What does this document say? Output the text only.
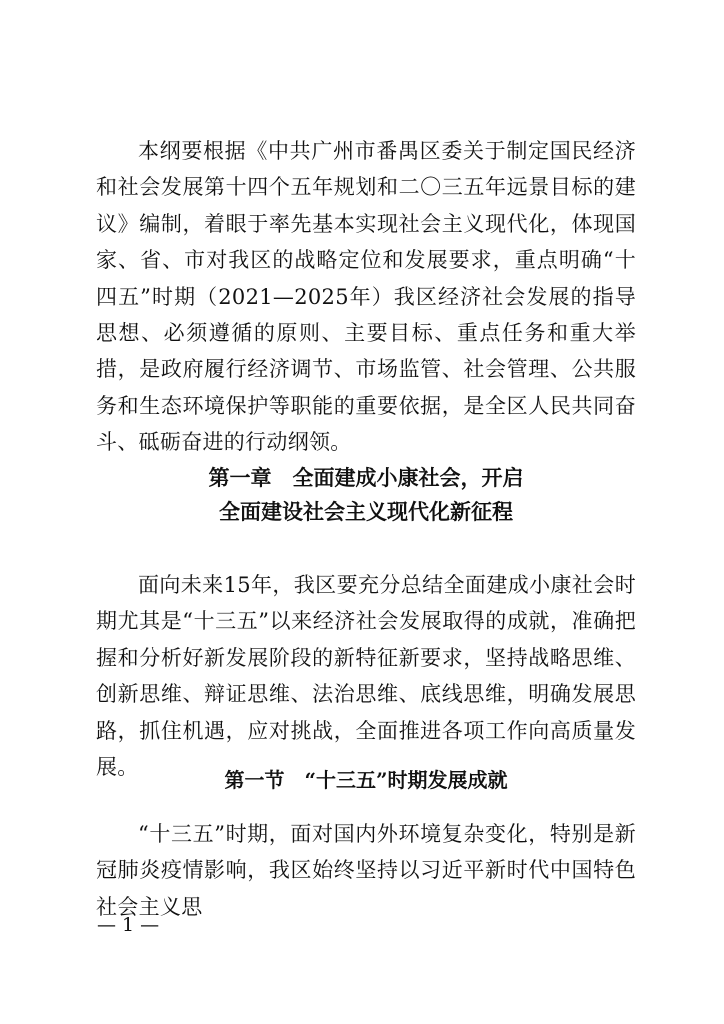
本纲要根据《中共广州市番禺区委关于制定国民经济和社会发展第十四个五年规划和二〇三五年远景目标的建议》编制，着眼于率先基本实现社会主义现代化，体现国家、省、市对我区的战略定位和发展要求，重点明确“十四五”时期（2021—2025年）我区经济社会发展的指导思想、必须遵循的原则、主要目标、重点任务和重大举措，是政府履行经济调节、市场监管、社会管理、公共服务和生态环境保护等职能的重要依据，是全区人民共同奋斗、砥砺奋进的行动纲领。

第一章　全面建成小康社会，开启
全面建设社会主义现代化新征程

面向未来15年，我区要充分总结全面建成小康社会时期尤其是“十三五”以来经济社会发展取得的成就，准确把握和分析好新发展阶段的新特征新要求，坚持战略思维、创新思维、辩证思维、法治思维、底线思维，明确发展思路，抓住机遇，应对挑战，全面推进各项工作向高质量发展。

第一节　“十三五”时期发展成就

“十三五”时期，面对国内外环境复杂变化，特别是新冠肺炎疫情影响，我区始终坚持以习近平新时代中国特色社会主义思

— 1 —
